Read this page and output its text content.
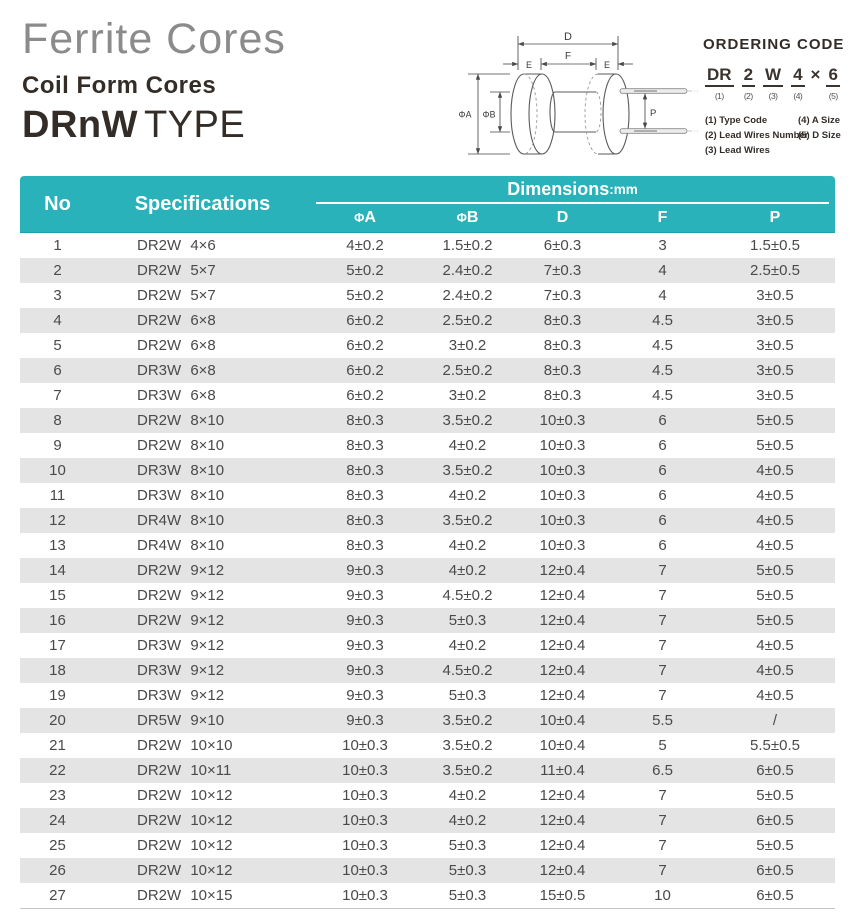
Ferrite Cores
Coil Form Cores
DRnW TYPE
D
F
E	E
ΦA ΦB	P
ORDERING CODE
DR
(1)
2
(2)
W
(3)
4
(4)
× 6
(5)
(1) Type Code
(2) Lead Wires Number
(3) Lead Wires
(4) A Size
(5) D Size
No	Specifications
Dimensions :mm
ΦA	ΦB	D	F	P
1	DR2W 4×6	4±0.2	1.5±0.2	6±0.3	3	1.5±0.5
2	DR2W 5×7	5±0.2	2.4±0.2	7±0.3	4	2.5±0.5
3	DR2W 5×7	5±0.2	2.4±0.2	7±0.3	4	3±0.5
4	DR2W 6×8	6±0.2	2.5±0.2	8±0.3	4.5	3±0.5
5	DR2W 6×8	6±0.2	3±0.2	8±0.3	4.5	3±0.5
6	DR3W 6×8	6±0.2	2.5±0.2	8±0.3	4.5	3±0.5
7	DR3W 6×8	6±0.2	3±0.2	8±0.3	4.5	3±0.5
8	DR2W 8×10	8±0.3	3.5±0.2	10±0.3	6	5±0.5
9	DR2W 8×10	8±0.3	4±0.2	10±0.3	6	5±0.5
10	DR3W 8×10	8±0.3	3.5±0.2	10±0.3	6	4±0.5
11	DR3W 8×10	8±0.3	4±0.2	10±0.3	6	4±0.5
12	DR4W 8×10	8±0.3	3.5±0.2	10±0.3	6	4±0.5
13	DR4W 8×10	8±0.3	4±0.2	10±0.3	6	4±0.5
14	DR2W 9×12	9±0.3	4±0.2	12±0.4	7	5±0.5
15	DR2W 9×12	9±0.3	4.5±0.2	12±0.4	7	5±0.5
16	DR2W 9×12	9±0.3	5±0.3	12±0.4	7	5±0.5
17	DR3W 9×12	9±0.3	4±0.2	12±0.4	7	4±0.5
18	DR3W 9×12	9±0.3	4.5±0.2	12±0.4	7	4±0.5
19	DR3W 9×12	9±0.3	5±0.3	12±0.4	7	4±0.5
20	DR5W 9×10	9±0.3	3.5±0.2	10±0.4	5.5	/
21	DR2W 10×10	10±0.3	3.5±0.2	10±0.4	5	5.5±0.5
22	DR2W 10×11	10±0.3	3.5±0.2	11±0.4	6.5	6±0.5
23	DR2W 10×12	10±0.3	4±0.2	12±0.4	7	5±0.5
24	DR2W 10×12	10±0.3	4±0.2	12±0.4	7	6±0.5
25	DR2W 10×12	10±0.3	5±0.3	12±0.4	7	5±0.5
26	DR2W 10×12	10±0.3	5±0.3	12±0.4	7	6±0.5
27	DR2W 10×15	10±0.3	5±0.3	15±0.5	10	6±0.5
